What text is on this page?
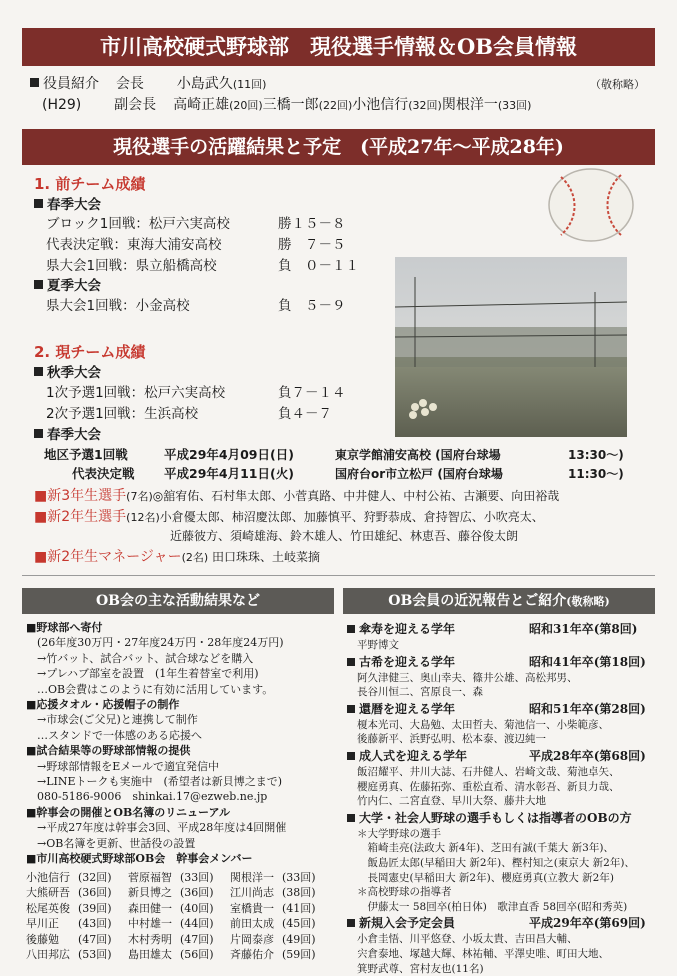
市川高校硬式野球部　現役選手情報＆OB会員情報
役員紹介 会長 小島武久(11回)	（敬称略）
(H29) 副会長 高崎正雄(20回)三橋一郎(22回)小池信行(32回)関根洋一(33回)
現役選手の活躍結果と予定　(平成27年～平成28年)
1. 前チーム成績
春季大会
ブロック1回戦：松戸六実高校	勝１５－８
代表決定戦：東海大浦安高校	勝　７－５
県大会1回戦：県立船橋高校	負　０－１１
夏季大会
県大会1回戦：小金高校	負　５－９
2. 現チーム成績
秋季大会
1次予選1回戦：松戸六実高校	負７－１４
2次予選1回戦：生浜高校	負４－７
春季大会
地区予選1回戦	平成29年4月09日(日)	東京学館浦安高校 (国府台球場	13:30～)
代表決定戦 平成29年4月11日(火)	国府台or市立松戸 (国府台球場	11:30～)
■新3年生選手(7名)◎舘宥佑、石村隼太郎、小菅真路、中井健人、中村公祐、古瀬要、向田裕哉
■新2年生選手(12名)小倉優太郎、柿沼慶汰郎、加藤慎平、狩野恭成、倉持智広、小吹亮太、
近藤彼方、須崎雄海、鈴木雄人、竹田雄紀、林恵吾、藤谷俊太朗
■新2年生マネージャー(2名) 田口珠珠、土岐菜摘
OB会の主な活動結果など
■野球部へ寄付
　(26年度30万円・27年度24万円・28年度24万円)
　→竹バット、試合バット、試合球などを購入
　→プレハブ部室を設置　(1年生着替室で利用)
　…OB会費はこのように有効に活用しています。
■応援タオル・応援帽子の制作
　→市球会(ご父兄)と連携して制作
　…スタンドで一体感のある応援へ
■試合結果等の野球部情報の提供
　→野球部情報をEメールで適宜発信中
　→LINEトークも実施中　(希望者は新貝博之まで)
　080-5186-9006　shinkai.17@ezweb.ne.jp
■幹事会の開催とOB名簿のリニューアル
　→平成27年度は幹事会3回、平成28年度は4回開催
　→OB名簿を更新、世話役の設置
■市川高校硬式野球部OB会　幹事会メンバー
小池信行 (32回)	菅原福智 (33回)	関根洋一 (33回)
大熊研吾 (36回)	新貝博之 (36回)	江川尚志 (38回)
松尾英俊 (39回)	森田健一 (40回)	室橋貴一 (41回)
早川正	(43回)	中村雄一 (44回)	前田太成 (45回)
後藤勉	(47回)	木村秀明 (47回)	片岡泰彦 (49回)
八田邦広 (53回)	島田雄太 (56回)	斉藤佑介 (59回)
OB会員の近況報告とご紹介(敬称略)
傘寿を迎える学年	昭和31年卒(第8回)
平野博文
古希を迎える学年	昭和41年卒(第18回)
阿久津健三、奥山幸夫、篠井公雄、高松邦男、
長谷川恒二、宮原良一、森
還暦を迎える学年	昭和51年卒(第28回)
榎本光司、大島勉、太田哲夫、菊池信一、小柴範彦、
後藤新平、浜野弘明、松本泰、渡辺純一
成人式を迎える学年	平成28年卒(第68回)
飯沼耀平、井川大誌、石井健人、岩崎文哉、菊池卓矢、
櫻庭勇真、佐藤拓弥、重松直希、清水彰吾、新貝力哉、
竹内仁、二宮直登、早川大祭、藤井大地
大学・社会人野球の選手もしくは指導者のOBの方
＊大学野球の選手
　箱崎圭亮(法政大 新4年)、芝田有誠(千葉大 新3年)、
　飯島匠太郎(早稲田大 新2年)、樫村知之(東京大 新2年)、
　長岡憲史(早稲田大 新2年)、櫻庭勇真(立教大 新2年)
＊高校野球の指導者
　伊藤太一 58回卒(柏日体)　歌津直香 58回卒(昭和秀英)
新規入会予定会員	平成29年卒(第69回)
小倉圭悟、川平悠登、小坂太貴、吉田昌大輔、
宍倉泰地、塚越大輝、林祐輔、平澤史唯、町田大地、
箕野武尊、宮村友也(11名)
